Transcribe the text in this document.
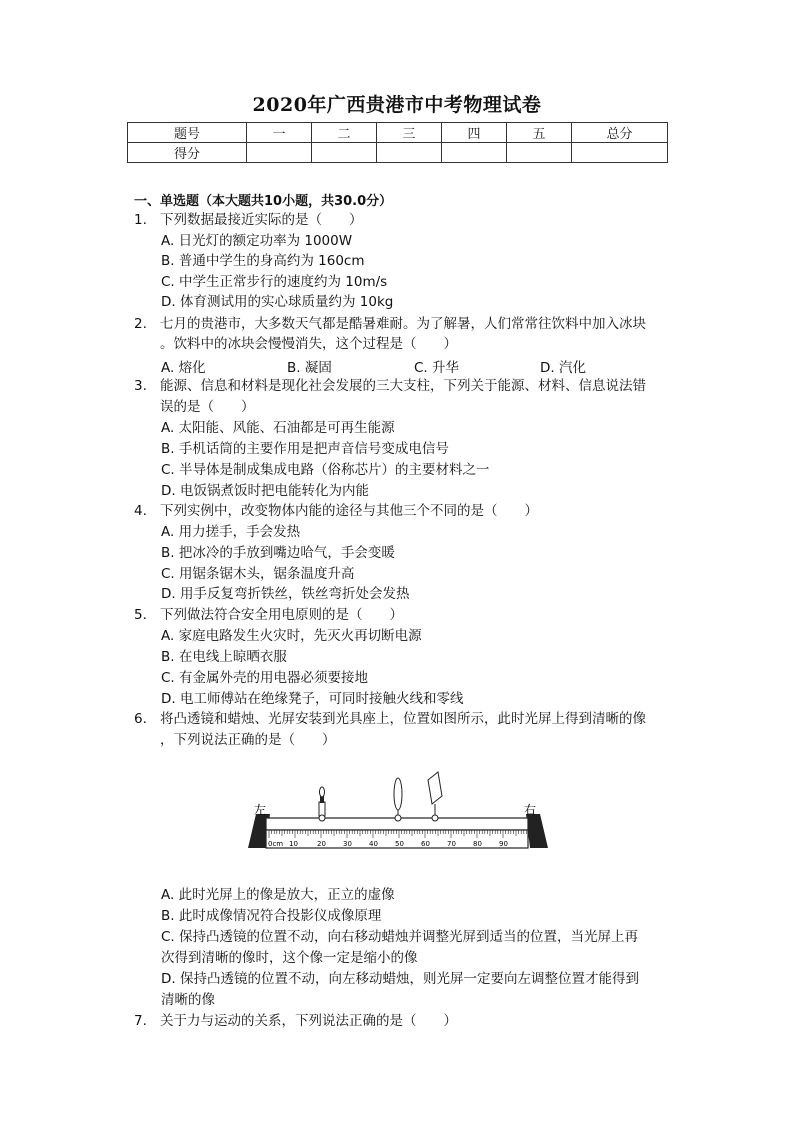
2020年广西贵港市中考物理试卷
题号	一	二	三	四	五	总分
得分						
一、单选题（本大题共10小题，共30.0分）
1. 下列数据最接近实际的是（　　）
A. 日光灯的额定功率为 1000W
B. 普通中学生的身高约为 160cm
C. 中学生正常步行的速度约为 10m/s
D. 体育测试用的实心球质量约为 10kg
2. 七月的贵港市，大多数天气都是酷暑难耐。为了解暑，人们常常往饮料中加入冰块
。饮料中的冰块会慢慢消失，这个过程是（　　）
A. 熔化	B. 凝固	C. 升华	D. 汽化
3. 能源、信息和材料是现化社会发展的三大支柱，下列关于能源、材料、信息说法错
误的是（　　）
A. 太阳能、风能、石油都是可再生能源
B. 手机话筒的主要作用是把声音信号变成电信号
C. 半导体是制成集成电路（俗称芯片）的主要材料之一
D. 电饭锅煮饭时把电能转化为内能
4. 下列实例中，改变物体内能的途径与其他三个不同的是（　　）
A. 用力搓手，手会发热
B. 把冰冷的手放到嘴边哈气，手会变暖
C. 用锯条锯木头，锯条温度升高
D. 用手反复弯折铁丝，铁丝弯折处会发热
5. 下列做法符合安全用电原则的是（　　）
A. 家庭电路发生火灾时，先灭火再切断电源
B. 在电线上晾晒衣服
C. 有金属外壳的用电器必须要接地
D. 电工师傅站在绝缘凳子，可同时接触火线和零线
6. 将凸透镜和蜡烛、光屏安装到光具座上，位置如图所示，此时光屏上得到清晰的像
，下列说法正确的是（　　）
0cm 10	20 30 40 50 60 70 80 90
左	右
A. 此时光屏上的像是放大，正立的虚像
B. 此时成像情况符合投影仪成像原理
C. 保持凸透镜的位置不动，向右移动蜡烛并调整光屏到适当的位置，当光屏上再
次得到清晰的像时，这个像一定是缩小的像
D. 保持凸透镜的位置不动，向左移动蜡烛，则光屏一定要向左调整位置才能得到
清晰的像
7. 关于力与运动的关系，下列说法正确的是（　　）
